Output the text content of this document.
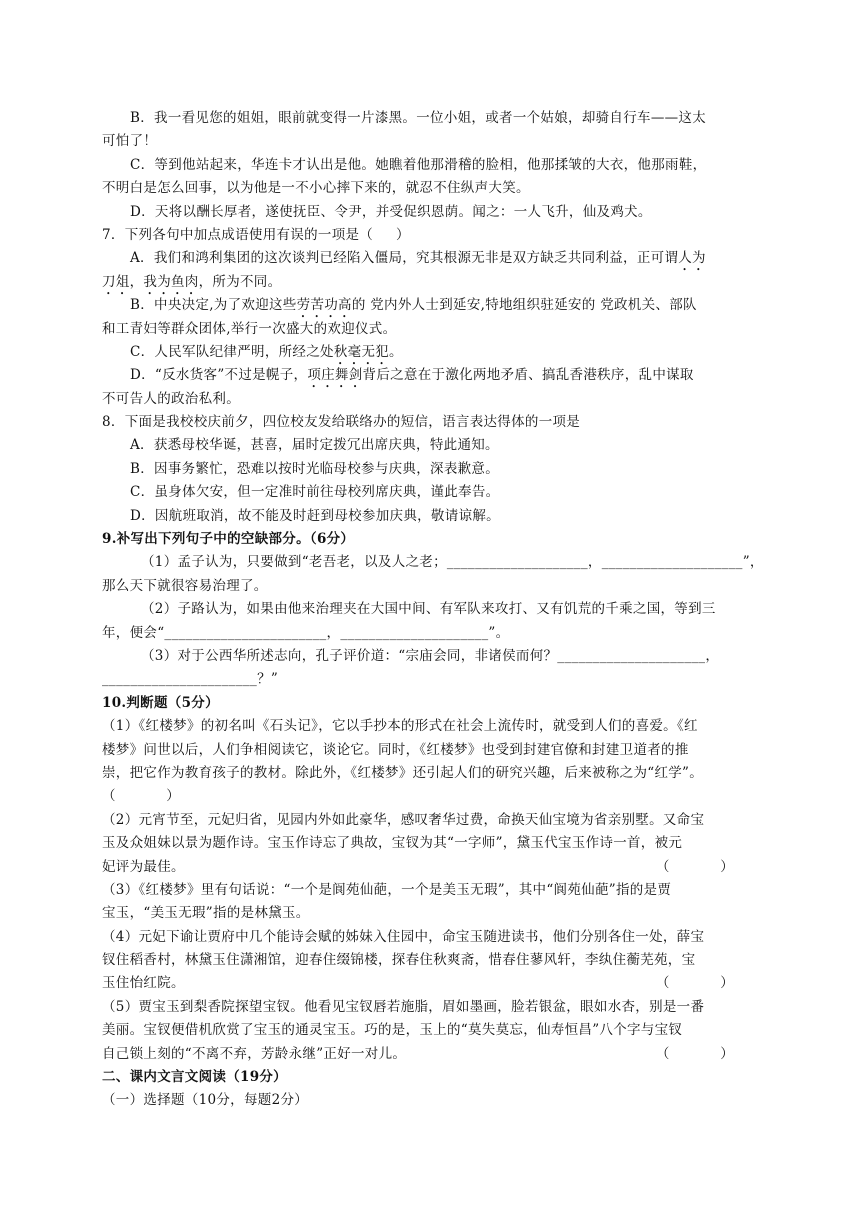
B．我一看见您的姐姐，眼前就变得一片漆黑。一位小姐，或者一个姑娘，却骑自行车——这太
可怕了！
C．等到他站起来，华连卡才认出是他。她瞧着他那滑稽的脸相，他那揉皱的大衣，他那雨鞋，
不明白是怎么回事，以为他是一不小心摔下来的，就忍不住纵声大笑。
D．天将以酬长厚者，遂使抚臣、令尹，并受促织恩荫。闻之：一人飞升，仙及鸡犬。
7．下列各句中加点成语使用有误的一项是（     ）
A．我们和鸿利集团的这次谈判已经陷入僵局，究其根源无非是双方缺乏共同利益，正可谓人为
刀俎，我为鱼肉，所为不同。
B．中央决定,为了欢迎这些劳苦功高的 党内外人士到延安,特地组织驻延安的 党政机关、部队
和工青妇等群众团体,举行一次盛大的欢迎仪式。
C．人民军队纪律严明，所经之处秋毫无犯。
D．“反水货客”不过是幌子，项庄舞剑背后之意在于激化两地矛盾、搞乱香港秩序，乱中谋取
不可告人的政治私利。
8．下面是我校校庆前夕，四位校友发给联络办的短信，语言表达得体的一项是
A．获悉母校华诞，甚喜，届时定拨冗出席庆典，特此通知。
B．因事务繁忙，恐难以按时光临母校参与庆典，深表歉意。
C．虽身体欠安，但一定准时前往母校列席庆典，谨此奉告。
D．因航班取消，故不能及时赶到母校参加庆典，敬请谅解。
9.补写出下列句子中的空缺部分。（6分）
（1）孟子认为，只要做到“老吾老，以及人之老；____________________，____________________”，
那么天下就很容易治理了。
（2）子路认为，如果由他来治理夹在大国中间、有军队来攻打、又有饥荒的千乘之国，等到三
年，便会“_______________________，_____________________”。
（3）对于公西华所述志向，孔子评价道：“宗庙会同，非诸侯而何？_____________________，
______________________？”
10.判断题（5分）
（1）《红楼梦》的初名叫《石头记》，它以手抄本的形式在社会上流传时，就受到人们的喜爱。《红
楼梦》问世以后，人们争相阅读它，谈论它。同时，《红楼梦》也受到封建官僚和封建卫道者的推
崇，把它作为教育孩子的教材。除此外，《红楼梦》还引起人们的研究兴趣，后来被称之为“红学”。
（           ）
（2）元宵节至，元妃归省，见园内外如此豪华，感叹奢华过费，命换天仙宝境为省亲别墅。又命宝
玉及众姐妹以景为题作诗。宝玉作诗忘了典故，宝钗为其“一字师”，黛玉代宝玉作诗一首，被元
妃评为最佳。	（           ）
（3）《红楼梦》里有句话说：“一个是阆苑仙葩，一个是美玉无瑕”，其中“阆苑仙葩”指的是贾
宝玉，“美玉无瑕”指的是林黛玉。
（4）元妃下谕让贾府中几个能诗会赋的姊妹入住园中，命宝玉随进读书，他们分别各住一处，薛宝
钗住稻香村，林黛玉住潇湘馆，迎春住缀锦楼，探春住秋爽斋，惜春住蓼风轩，李纨住蘅芜苑，宝
玉住怡红院。	（           ）
（5）贾宝玉到梨香院探望宝钗。他看见宝钗唇若施脂，眉如墨画，脸若银盆，眼如水杏，别是一番
美丽。宝钗便借机欣赏了宝玉的通灵宝玉。巧的是，玉上的“莫失莫忘，仙寿恒昌”八个字与宝钗
自己锁上刻的“不离不弃，芳龄永继”正好一对儿。	（           ）
二、课内文言文阅读（19分）
（一）选择题（10分，每题2分）
